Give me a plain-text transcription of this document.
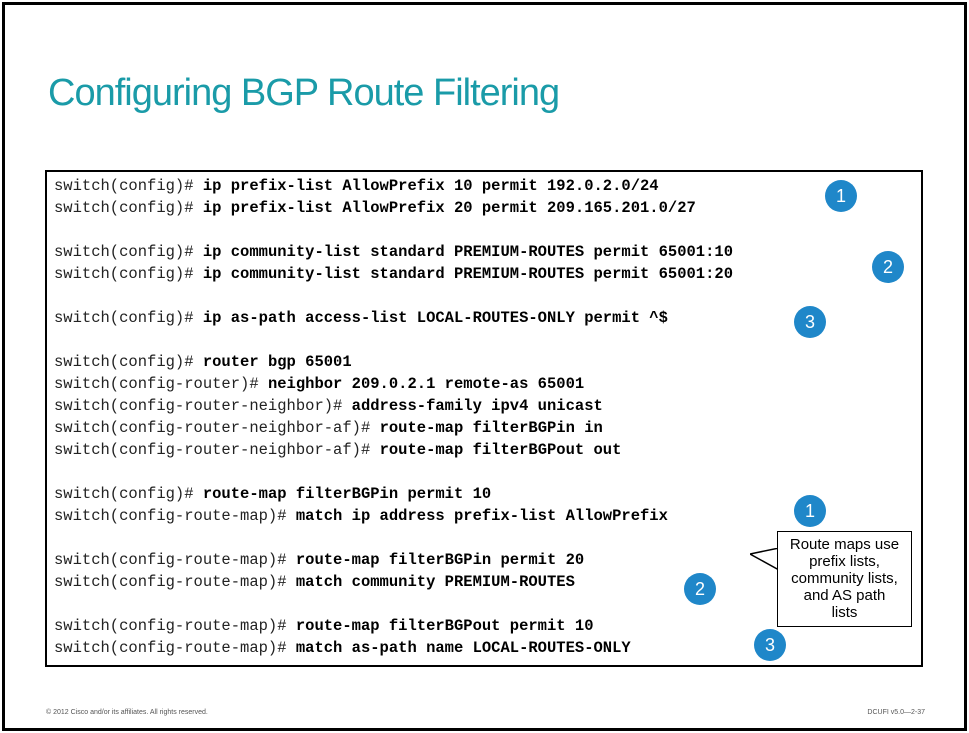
Configuring BGP Route Filtering
switch(config)# ip prefix-list AllowPrefix 10 permit 192.0.2.0/24
switch(config)# ip prefix-list AllowPrefix 20 permit 209.165.201.0/27
switch(config)# ip community-list standard PREMIUM-ROUTES permit 65001:10
switch(config)# ip community-list standard PREMIUM-ROUTES permit 65001:20
switch(config)# ip as-path access-list LOCAL-ROUTES-ONLY permit ^$
switch(config)# router bgp 65001
switch(config-router)# neighbor 209.0.2.1 remote-as 65001
switch(config-router-neighbor)# address-family ipv4 unicast
switch(config-router-neighbor-af)# route-map filterBGPin in
switch(config-router-neighbor-af)# route-map filterBGPout out
switch(config)# route-map filterBGPin permit 10
switch(config-route-map)# match ip address prefix-list AllowPrefix
switch(config-route-map)# route-map filterBGPin permit 20
switch(config-route-map)# match community PREMIUM-ROUTES
switch(config-route-map)# route-map filterBGPout permit 10
switch(config-route-map)# match as-path name LOCAL-ROUTES-ONLY
1
2
3
1
2
3
Route maps use
prefix lists,
community lists,
and AS path
lists
© 2012 Cisco and/or its affiliates. All rights reserved.	DCUFI v5.0—2-37
